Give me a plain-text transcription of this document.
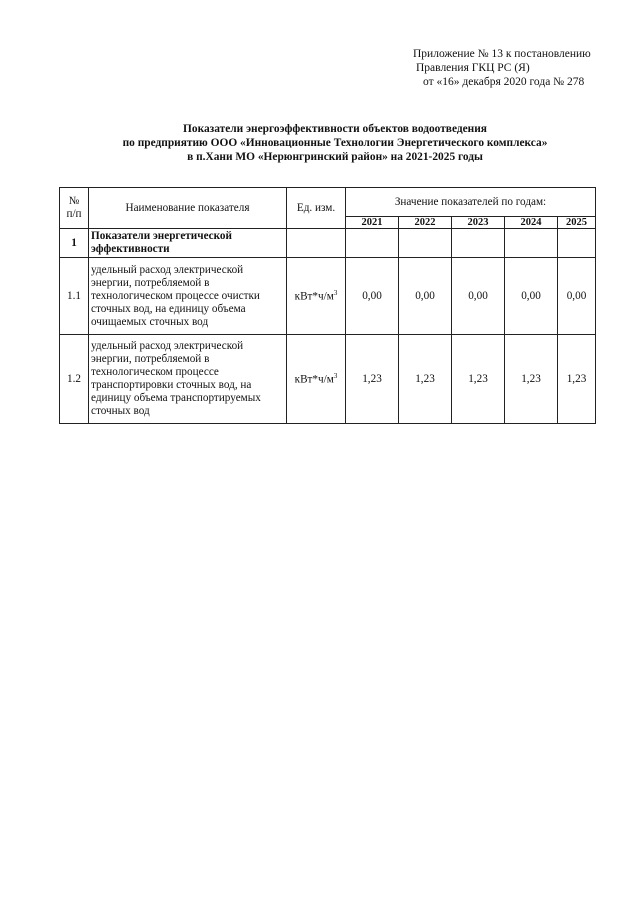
Приложение № 13 к постановлению
Правления ГКЦ РС (Я)
от «16» декабря 2020 года № 278
Показатели энергоэффективности объектов водоотведения
по предприятию ООО «Инновационные Технологии Энергетического комплекса»
в п.Хани МО «Нерюнгринский район» на 2021-2025 годы
№ п/п	Наименование показателя	Ед. изм.	Значение показателей по годам:				
			2021	2022	2023	2024	2025
1	Показатели энергетической эффективности						
1.1	удельный расход электрической энергии, потребляемой в технологическом процессе очистки сточных вод, на единицу объема очищаемых сточных вод	$кВт*ч/м^3$	0,00	0,00	0,00	0,00	0,00
1.2	удельный расход электрической энергии, потребляемой в технологическом процессе транспортировки сточных вод, на единицу объема транспортируемых сточных вод	$кВт*ч/м^3$	1,23	1,23	1,23	1,23	1,23
